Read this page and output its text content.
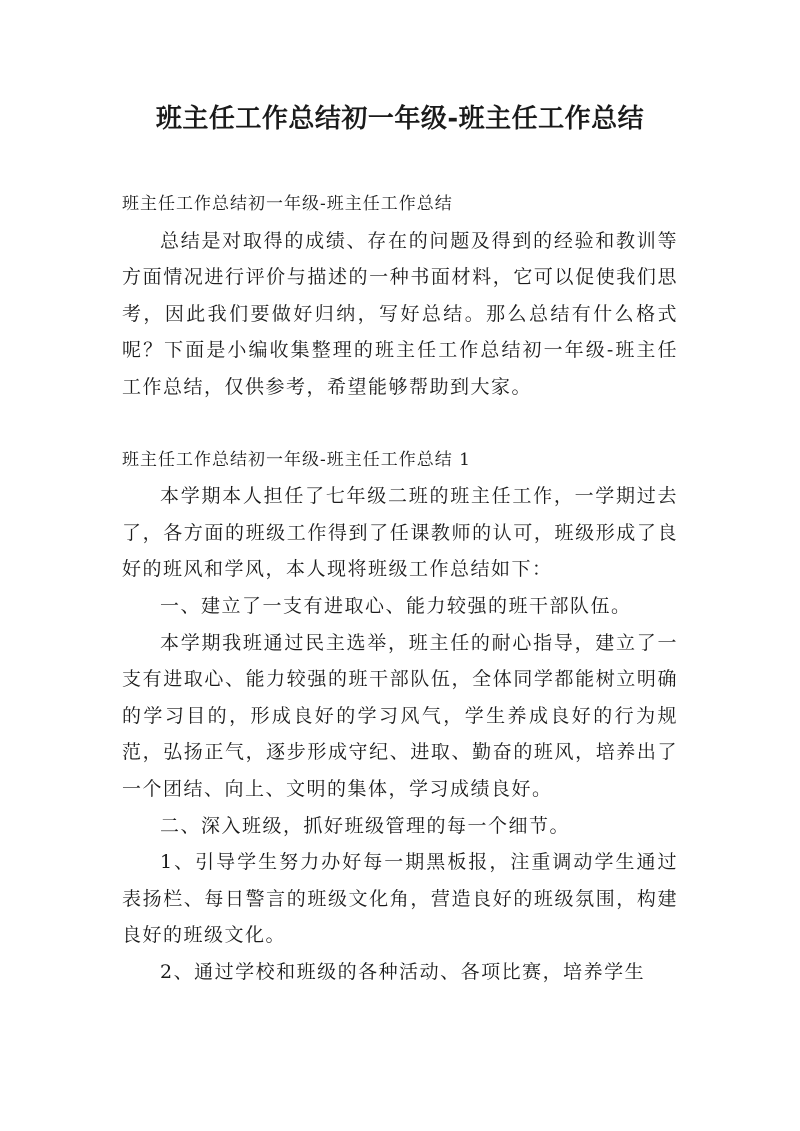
班主任工作总结初一年级-班主任工作总结

班主任工作总结初一年级-班主任工作总结

总结是对取得的成绩、存在的问题及得到的经验和教训等方面情况进行评价与描述的一种书面材料，它可以促使我们思考，因此我们要做好归纳，写好总结。那么总结有什么格式呢？下面是小编收集整理的班主任工作总结初一年级-班主任工作总结，仅供参考，希望能够帮助到大家。

班主任工作总结初一年级-班主任工作总结 1

本学期本人担任了七年级二班的班主任工作，一学期过去了，各方面的班级工作得到了任课教师的认可，班级形成了良好的班风和学风，本人现将班级工作总结如下：

一、建立了一支有进取心、能力较强的班干部队伍。

本学期我班通过民主选举，班主任的耐心指导，建立了一支有进取心、能力较强的班干部队伍，全体同学都能树立明确的学习目的，形成良好的学习风气，学生养成良好的行为规范，弘扬正气，逐步形成守纪、进取、勤奋的班风，培养出了一个团结、向上、文明的集体，学习成绩良好。

二、深入班级，抓好班级管理的每一个细节。

1、引导学生努力办好每一期黑板报，注重调动学生通过表扬栏、每日警言的班级文化角，营造良好的班级氛围，构建良好的班级文化。

2、通过学校和班级的各种活动、各项比赛，培养学生
